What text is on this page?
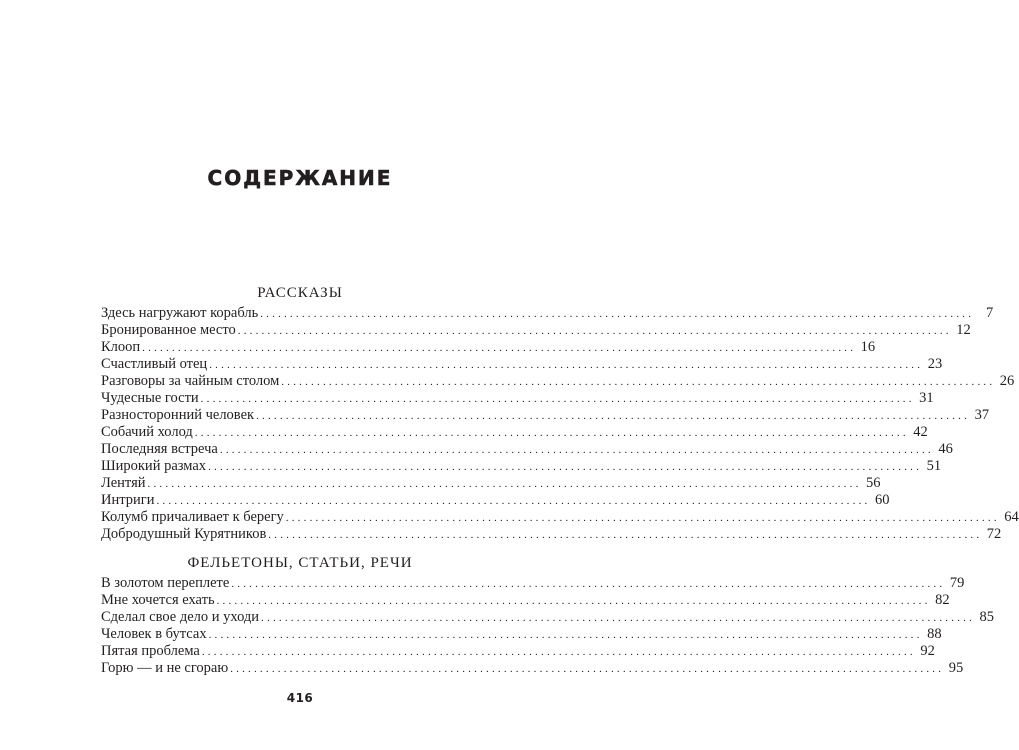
СОДЕРЖАНИЕ
РАССКАЗЫ
Здесь нагружают корабль ........................................................................................................................ 7
Бронированное место ........................................................................................................................ 12
Клооп ........................................................................................................................ 16
Счастливый отец ........................................................................................................................ 23
Разговоры за чайным столом ........................................................................................................................ 26
Чудесные гости ........................................................................................................................ 31
Разносторонний человек ........................................................................................................................ 37
Собачий холод ........................................................................................................................ 42
Последняя встреча ........................................................................................................................ 46
Широкий размах ........................................................................................................................ 51
Лентяй ........................................................................................................................ 56
Интриги ........................................................................................................................ 60
Колумб причаливает к берегу ........................................................................................................................ 64
Добродушный Курятников ........................................................................................................................ 72
ФЕЛЬЕТОНЫ, СТАТЬИ, РЕЧИ
В золотом переплете ........................................................................................................................ 79
Мне хочется ехать ........................................................................................................................ 82
Сделал свое дело и уходи ........................................................................................................................ 85
Человек в бутсах ........................................................................................................................ 88
Пятая проблема ........................................................................................................................ 92
Горю — и не сгораю ........................................................................................................................ 95
416
